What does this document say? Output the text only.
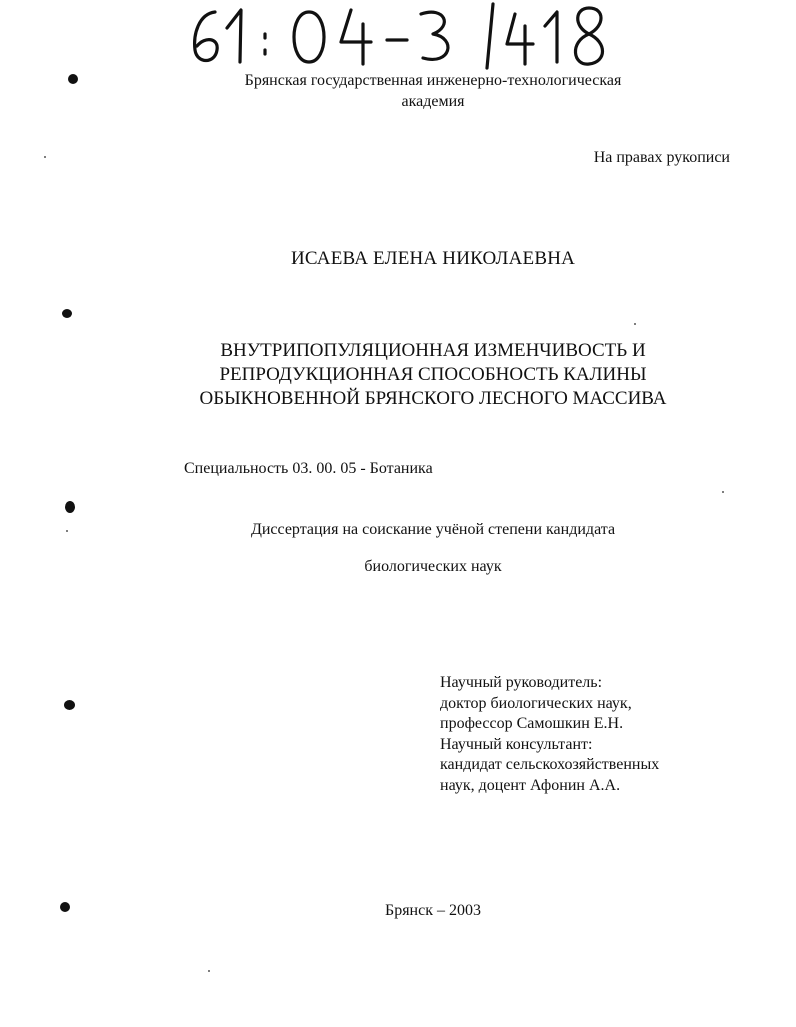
Брянская государственная инженерно-технологическая
академия
На правах рукописи
ИСАЕВА ЕЛЕНА НИКОЛАЕВНА
ВНУТРИПОПУЛЯЦИОННАЯ ИЗМЕНЧИВОСТЬ И
РЕПРОДУКЦИОННАЯ СПОСОБНОСТЬ КАЛИНЫ
ОБЫКНОВЕННОЙ БРЯНСКОГО ЛЕСНОГО МАССИВА
Специальность 03. 00. 05 - Ботаника
Диссертация на соискание учёной степени кандидата
биологических наук
Научный руководитель:
доктор биологических наук,
профессор Самошкин Е.Н.
Научный консультант:
кандидат сельскохозяйственных
наук, доцент Афонин А.А.
Брянск – 2003
